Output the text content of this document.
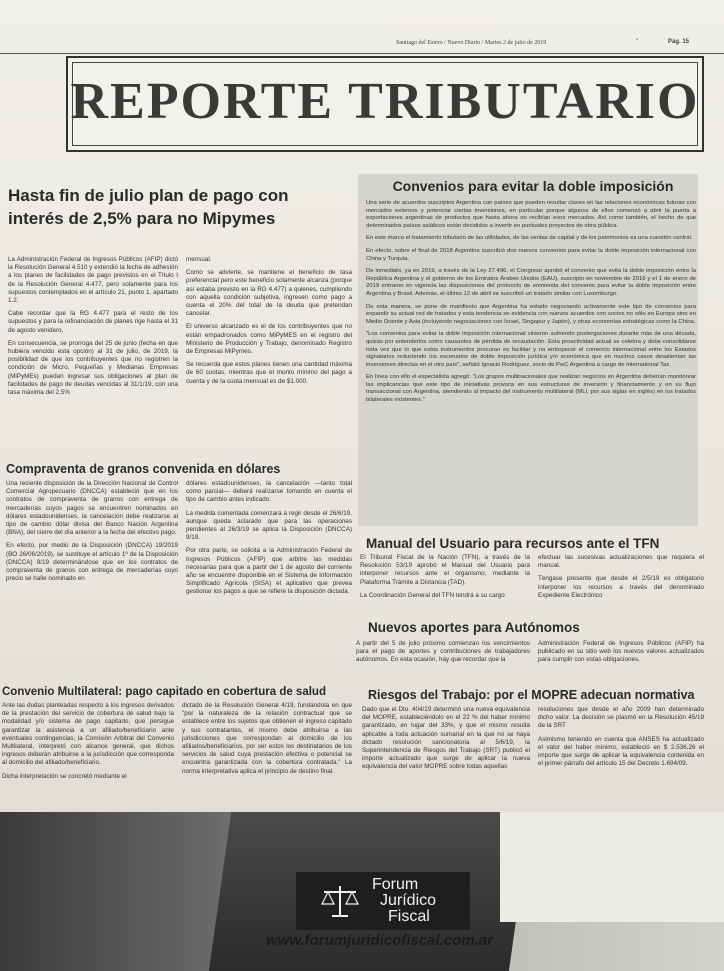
Santiago del Estero / Nuevo Diario / Martes 2 de julio de 2019	"	Pág. 15
REPORTE TRIBUTARIO
Hasta fin de julio plan de pago con interés de 2,5% para no Mipymes

La Administración Federal de Ingresos Públicos (AFIP) dictó la Resolución General 4.510 y extendió la fecha de adhesión a los planes de facilidades de pago previstos en el Título I de la Resolución General 4.477, pero solamente para los supuestos contemplados en el artículo 21, punto 1, apartado 1.2.

Cabe recordar que la RG 4.477 para el resto de los supuestos y para la refinanciación de planes rige hasta el 31 de agosto venidero.

En consecuencia, se prorroga del 25 de junio (fecha en que hubiera vencido esta opción) al 31 de julio, de 2019, la posibilidad de que los contribuyentes que no registren la condición de Micro, Pequeñas y Medianas Empresas (MiPyMEs) puedan ingresar sus obligaciones al plan de facilidades de pago de deudas vencidas al 31/1/19, con una tasa máxima del 2,5%

mensual.

Como se advierte, se mantiene el beneficio de tasa preferencial pero este beneficio solamente alcanza (porque así estaba previsto en la RG 4.477) a quienes, cumpliendo con aquella condición subjetiva, ingresen como pago a cuenta el 20% del total de la deuda que pretendan cancelar.

El universo alcanzado es el de los contribuyentes que no están empadronados como MiPyMES en el registro del Ministerio de Producción y Trabajo, denominado Registro de Empresas MiPymes.

Se recuerda que estos planes tienen una cantidad máxima de 60 cuotas, mientras que el monto mínimo del pago a cuenta y de la cuota mensual es de $1.000.

Compraventa de granos convenida en dólares

Una reciente disposición de la Dirección Nacional de Control Comercial Agropecuario (DNCCA) estableció que en los contratos de compraventa de granos con entrega de mercaderías cuyos pagos se encuentren nominados en dólares estadounidenses, la cancelación debe realizarse al tipo de cambio dólar divisa del Banco Nación Argentina (BNA), del cierre del día anterior a la fecha del efectivo pago.

En efecto, por medio de la Disposición (DNCCA) 19/2019 (BO 26/06/2019), se sustituye el artículo 1º de la Disposición (DNCCA) 9/19 determinándose que en los contratos de compraventa de granos con entrega de mercaderías cuyo precio se halle nominado en

dólares estadounidenses, la cancelación —tanto total como parcial— deberá realizarse tomando en cuenta el tipo de cambio antes indicado.

La medida comentada comenzará a regir desde el 26/6/19, aunque queda aclarado que para las operaciones pendientes al 26/3/19 se aplica la Disposición (DNCCA) 9/19.

Por otra parte, se solicita a la Administración Federal de Ingresos Públicos (AFIP) que arbitre las medidas necesarias para que a partir del 1 de agosto del corriente año se encuentre disponible en el Sistema de Información Simplificado Agrícola (SISA) el aplicativo que prevea gestionar los pagos a que se refiere la disposición dictada.

Convenio Multilateral: pago capitado en cobertura de salud

Ante las dudas planteadas respecto a los ingresos derivados de la prestación del servicio de cobertura de salud bajo la modalidad y/o sistema de pago capitado, que persigue garantizar la asistencia a un afiliado/beneficiario ante eventuales contingencias, la Comisión Arbitral del Convenio Multilateral, interpretó con alcance general, que dichos ingresos deberán atribuirse a la jurisdicción que corresponda al domicilio del afiliado/beneficiario.

Dicha interpretación se concretó mediante el

dictado de la Resolución General 4/19, fundándola en que "por la naturaleza de la relación contractual que se establece entre los sujetos que obtienen el ingreso capitado y sus contratantes, el mismo debe atribuirse a las jurisdicciones que correspondan al domicilio de los afiliados/beneficiarios, por ser estos los destinatarios de los servicios de salud cuya prestación efectiva o potencial se encuentra garantizada con la cobertura contratada." La norma interpretativa aplica el principio de destino final.

Convenios para evitar la doble imposición

Una serie de acuerdos suscriptos Argentina con países que pueden resultar claves en las relaciones económicas futuras con mercados externos y potenciar ciertas inversiones, en particular porque algunos de ellos comenzó a abrir la puerta a exportaciones argentinas de productos que hasta ahora no recibían esos mercados. Así como también, el hecho de que determinados países asiáticos están decididos a invertir en puntuales proyectos de obra pública.

En este marco el tratamiento tributario de las utilidades, de las ventas de capital y de los patrimonios es una cuestión central.

En efecto, sobre el final de 2018 Argentina suscribió dos nuevos convenios para evitar la doble imposición internacional con China y Turquía.

De inmediato, ya en 2019, a través de la Ley 27.496, el Congreso aprobó el convenio que evita la doble imposición entre la República Argentina y el gobierno de los Emiratos Árabes Unidos (EAU), suscripto en noviembre de 2016 y el 1 de enero de 2019 entraron en vigencia las disposiciones del protocolo de enmienda del convenio para evitar la doble imposición entre Argentina y Brasil. Además, el último 12 de abril se suscribió un tratado similar con Luxemburgo.

De esta manera, se pone de manifiesto que Argentina ha estado negociando activamente este tipo de convenios para expandir su actual red de tratados y esta tendencia se evidencia con nuevos acuerdos con socios no sólo en Europa sino en Medio Oriente y Asia (incluyendo negociaciones con Israel, Singapur y Japón), y otras economías estratégicas como la China.

"Los convenios para evitar la doble imposición internacional vinieron sufriendo postergaciones durante más de una década, quizás por entenderlos como causantes de pérdida de recaudación. Esta proactividad actual se celebra y debe consolidarse toda vez que lo que estos instrumentos procuran es facilitar y no entorpecer el comercio internacional entre los Estados signatarios reduciendo los escenarios de doble imposición jurídica y/o económica que en muchos casos desalientan las inversiones directas en el otro país", señaló Ignacio Rodríguez, socio de PwC Argentina a cargo de International Tax.

En línea con ello el especialista agregó: "Los grupos multinacionales que realizan negocios en Argentina deberían monitorear las implicancias que este tipo de iniciativas provoca en sus estructuras de inversión y financiamiento y en su flujo transaccional con Argentina, atendiendo al impacto del instrumento multilateral (MLI, por sus siglas en inglés) en los tratados bilaterales existentes."

Manual del Usuario para recursos ante el TFN

El Tribunal Fiscal de la Nación (TFN), a través de la Resolución 53/19 aprobó el Manual del Usuario para interponer recursos ante el organismo, mediante la Plataforma Trámite a Distancia (TAD).

La Coordinación General del TFN tendrá a su cargo

efectuar las sucesivas actualizaciones que requiera el manual.

Téngase presente que desde el 2/5/19 es obligatorio interponer los recursos a través del denominado Expediente Electrónico

Nuevos aportes para Autónomos

A partir del 5 de julio próximo comienzan los vencimientos para el pago de aportes y contribuciones de trabajadores autónomos. En esta ocasión, hay que recordar que la

Administración Federal de Ingresos Públicos (AFIP) ha publicado en su sitio web los nuevos valores actualizados para cumplir con estas obligaciones.

Riesgos del Trabajo: por el MOPRE adecuan normativa

Dado que el Dto. 404/19 determinó una nueva equivalencia del MOPRE, estableciéndolo en el 22 % del haber mínimo garantizado, en lugar del 33%, y que el mismo resulta aplicable a toda actuación sumarial en la que no se haya dictado resolución sancionatoria al 5/6/19, la Superintendencia de Riesgos del Trabajo (SRT) publicó el importe actualizado que surge de aplicar la nueva equivalencia del valor MOPRE sobre todas aquellas

resoluciones que desde el año 2009 han determinado dicho valor. La decisión se plasmó en la Resolución 45/19 de la SRT

Asimismo teniendo en cuenta que ANSES ha actualizado el valor del haber mínimo, estableció en $ 2.536,26 el importe que surge de aplicar la equivalencia contenida en el primer párrafo del artículo 15 del Decreto 1.694/09.

Forum
Jurídico
Fiscal
www.forumjuridicofiscal.com.ar
